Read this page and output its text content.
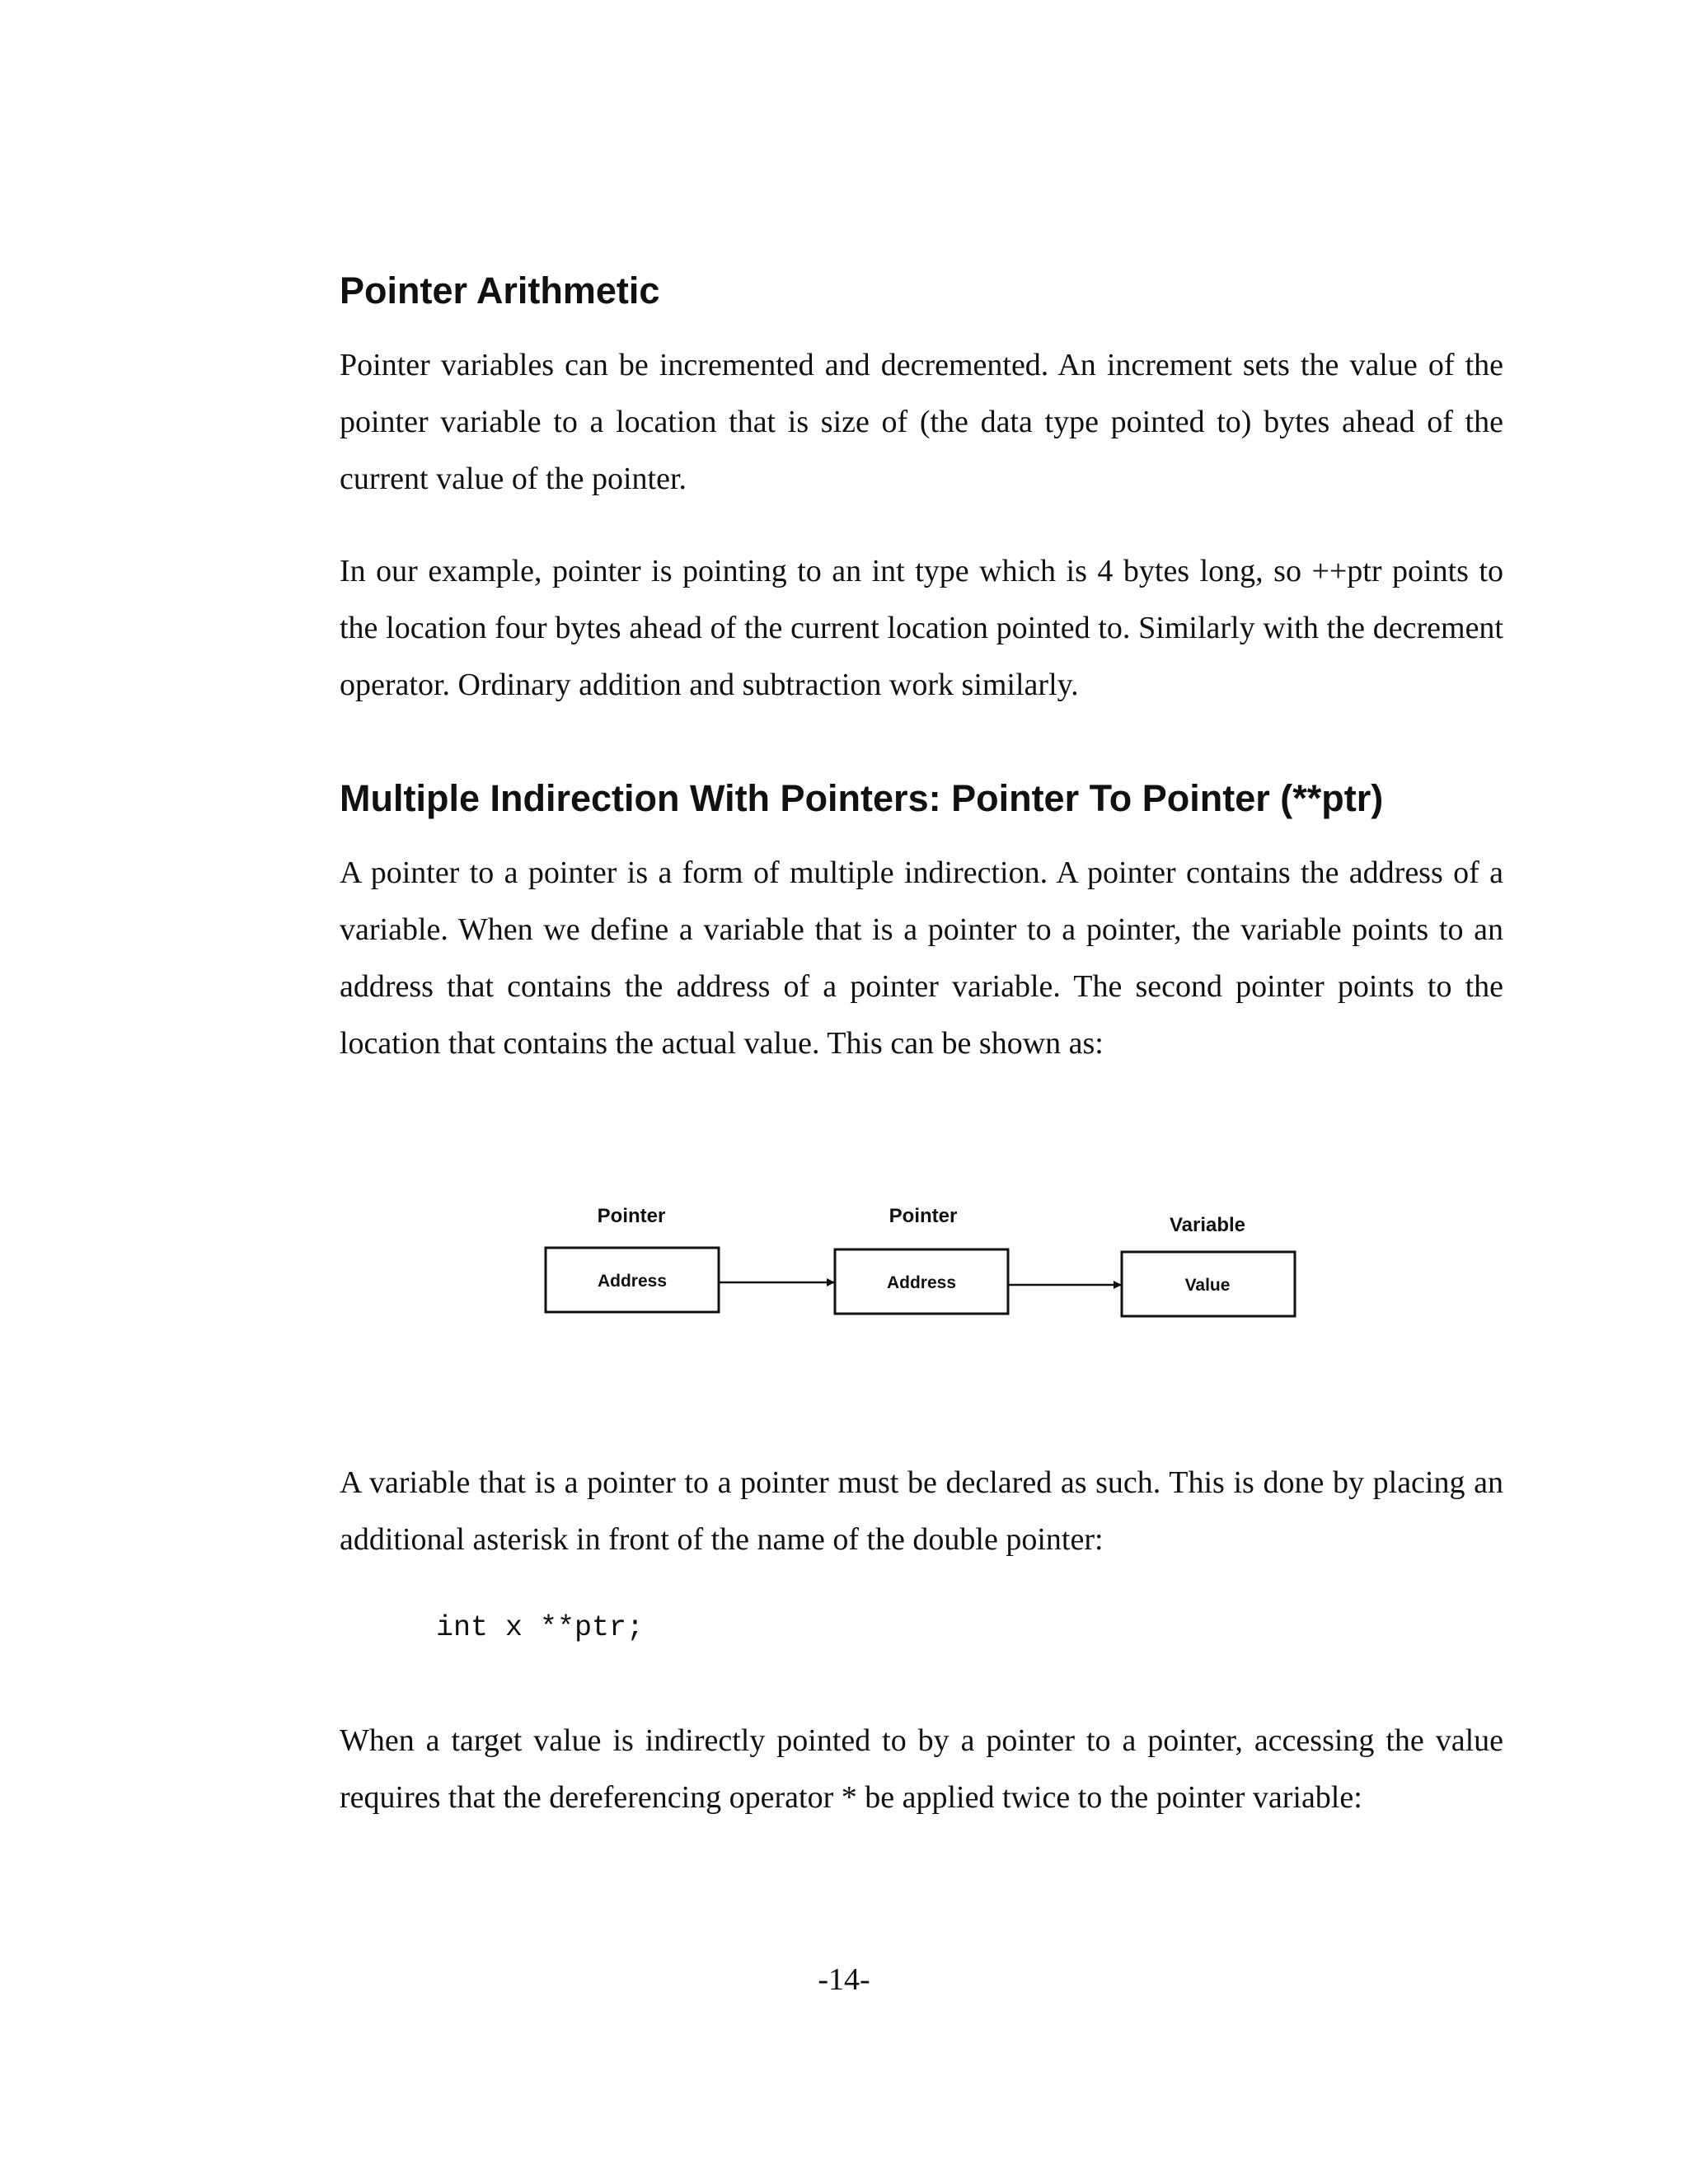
Pointer Arithmetic

Pointer variables can be incremented and decremented. An increment sets the value of the pointer variable to a location that is size of (the data type pointed to) bytes ahead of the current value of the pointer.

In our example, pointer is pointing to an int type which is 4 bytes long, so ++ptr points to the location four bytes ahead of the current location pointed to. Similarly with the decrement operator. Ordinary addition and subtraction work similarly.

Multiple Indirection With Pointers: Pointer To Pointer (**ptr)

A pointer to a pointer is a form of multiple indirection. A pointer contains the address of a variable. When we define a variable that is a pointer to a pointer, the variable points to an address that contains the address of a pointer variable. The second pointer points to the location that contains the actual value. This can be shown as:

A variable that is a pointer to a pointer must be declared as such. This is done by placing an additional asterisk in front of the name of the double pointer:

int x **ptr;

When a target value is indirectly pointed to by a pointer to a pointer, accessing the value requires that the dereferencing operator * be applied twice to the pointer variable:

Pointer
Address
Pointer
Address
Variable
Value
-14-
